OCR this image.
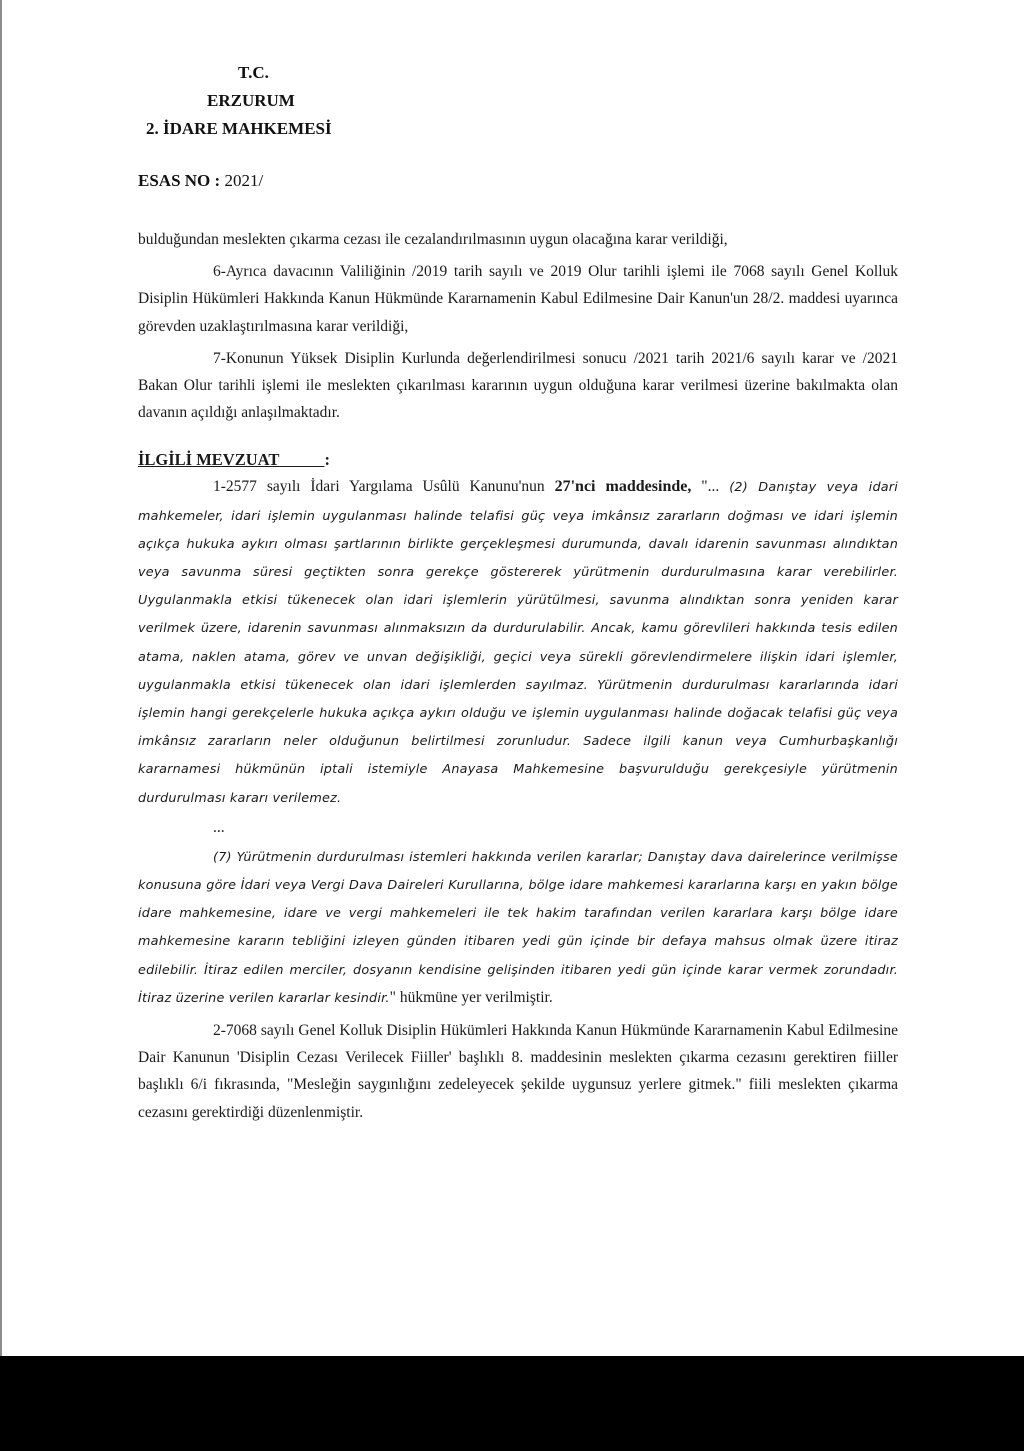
T.C.
ERZURUM
2. İDARE MAHKEMESİ
ESAS NO : 2021/

bulduğundan meslekten çıkarma cezası ile cezalandırılmasının uygun olacağına karar verildiği,

6-Ayrıca davacının Valiliğinin /2019 tarih sayılı ve 2019 Olur tarihli işlemi ile 7068 sayılı Genel Kolluk Disiplin Hükümleri Hakkında Kanun Hükmünde Kararnamenin Kabul Edilmesine Dair Kanun'un 28/2. maddesi uyarınca görevden uzaklaştırılmasına karar verildiği,

7-Konunun Yüksek Disiplin Kurlunda değerlendirilmesi sonucu /2021 tarih 2021/6 sayılı karar ve /2021 Bakan Olur tarihli işlemi ile meslekten çıkarılması kararının uygun olduğuna karar verilmesi üzerine bakılmakta olan davanın açıldığı anlaşılmaktadır.

İLGİLİ MEVZUAT	:

1-2577 sayılı İdari Yargılama Usûlü Kanunu'nun 27'nci maddesinde, "... (2) Danıştay veya idari mahkemeler, idari işlemin uygulanması halinde telafisi güç veya imkânsız zararların doğması ve idari işlemin açıkça hukuka aykırı olması şartlarının birlikte gerçekleşmesi durumunda, davalı idarenin savunması alındıktan veya savunma süresi geçtikten sonra gerekçe göstererek yürütmenin durdurulmasına karar verebilirler. Uygulanmakla etkisi tükenecek olan idari işlemlerin yürütülmesi, savunma alındıktan sonra yeniden karar verilmek üzere, idarenin savunması alınmaksızın da durdurulabilir. Ancak, kamu görevlileri hakkında tesis edilen atama, naklen atama, görev ve unvan değişikliği, geçici veya sürekli görevlendirmelere ilişkin idari işlemler, uygulanmakla etkisi tükenecek olan idari işlemlerden sayılmaz. Yürütmenin durdurulması kararlarında idari işlemin hangi gerekçelerle hukuka açıkça aykırı olduğu ve işlemin uygulanması halinde doğacak telafisi güç veya imkânsız zararların neler olduğunun belirtilmesi zorunludur. Sadece ilgili kanun veya Cumhurbaşkanlığı kararnamesi hükmünün iptali istemiyle Anayasa Mahkemesine başvurulduğu gerekçesiyle yürütmenin durdurulması kararı verilemez.

...

(7) Yürütmenin durdurulması istemleri hakkında verilen kararlar; Danıştay dava dairelerince verilmişse konusuna göre İdari veya Vergi Dava Daireleri Kurullarına, bölge idare mahkemesi kararlarına karşı en yakın bölge idare mahkemesine, idare ve vergi mahkemeleri ile tek hakim tarafından verilen kararlara karşı bölge idare mahkemesine kararın tebliğini izleyen günden itibaren yedi gün içinde bir defaya mahsus olmak üzere itiraz edilebilir. İtiraz edilen merciler, dosyanın kendisine gelişinden itibaren yedi gün içinde karar vermek zorundadır. İtiraz üzerine verilen kararlar kesindir." hükmüne yer verilmiştir.

2-7068 sayılı Genel Kolluk Disiplin Hükümleri Hakkında Kanun Hükmünde Kararnamenin Kabul Edilmesine Dair Kanunun 'Disiplin Cezası Verilecek Fiiller' başlıklı 8. maddesinin meslekten çıkarma cezasını gerektiren fiiller başlıklı 6/i fıkrasında, "Mesleğin saygınlığını zedeleyecek şekilde uygunsuz yerlere gitmek." fiili meslekten çıkarma cezasını gerektirdiği düzenlenmiştir.
